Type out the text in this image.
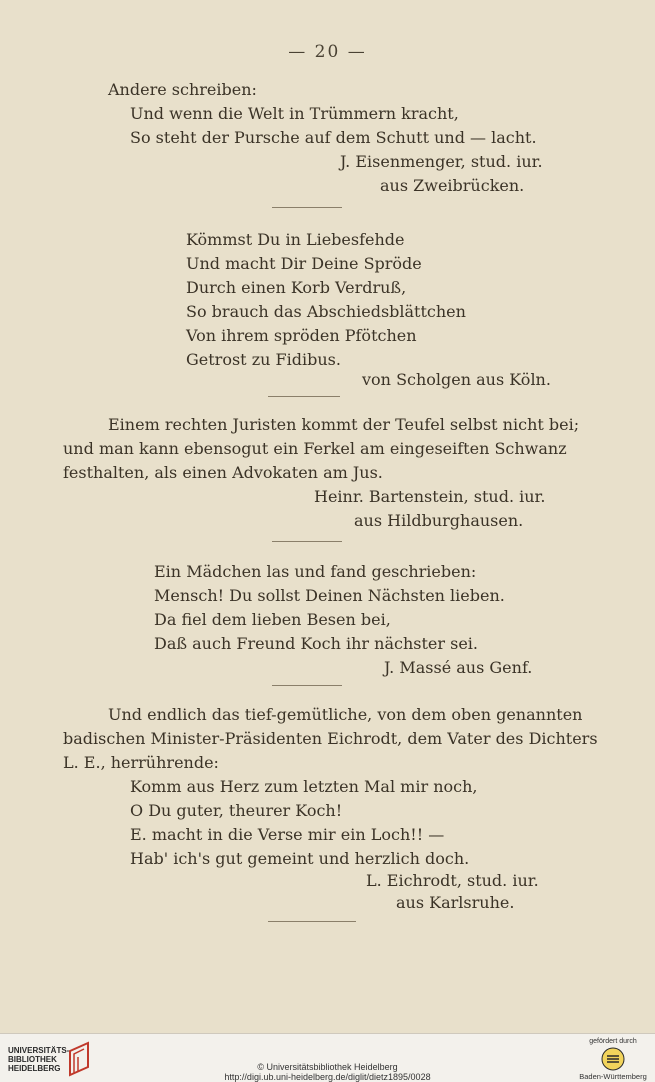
— 20 —
Andere schreiben:
Und wenn die Welt in Trümmern kracht,
So steht der Pursche auf dem Schutt und — lacht.
J. Eisenmenger, stud. iur.
aus Zweibrücken.
Kömmst Du in Liebesfehde
Und macht Dir Deine Spröde
Durch einen Korb Verdruß,
So brauch das Abschiedsblättchen
Von ihrem spröden Pfötchen
Getrost zu Fidibus.
von Scholgen aus Köln.
Einem rechten Juristen kommt der Teufel selbst nicht bei;
und man kann ebensogut ein Ferkel am eingeseiften Schwanz
festhalten, als einen Advokaten am Jus.
Heinr. Bartenstein, stud. iur.
aus Hildburghausen.
Ein Mädchen las und fand geschrieben:
Mensch! Du sollst Deinen Nächsten lieben.
Da fiel dem lieben Besen bei,
Daß auch Freund Koch ihr nächster sei.
J. Massé aus Genf.
Und endlich das tief-gemütliche, von dem oben genannten
badischen Minister-Präsidenten Eichrodt, dem Vater des Dichters
L. E., herrührende:
Komm aus Herz zum letzten Mal mir noch,
O Du guter, theurer Koch!
E. macht in die Verse mir ein Loch!! —
Hab' ich's gut gemeint und herzlich doch.
L. Eichrodt, stud. iur.
aus Karlsruhe.
UNIVERSITÄTS-
BIBLIOTHEK
HEIDELBERG	© Universitätsbibliothek Heidelberg
http://digi.ub.uni-heidelberg.de/diglit/dietz1895/0028
gefördert durch
Baden-Württemberg
